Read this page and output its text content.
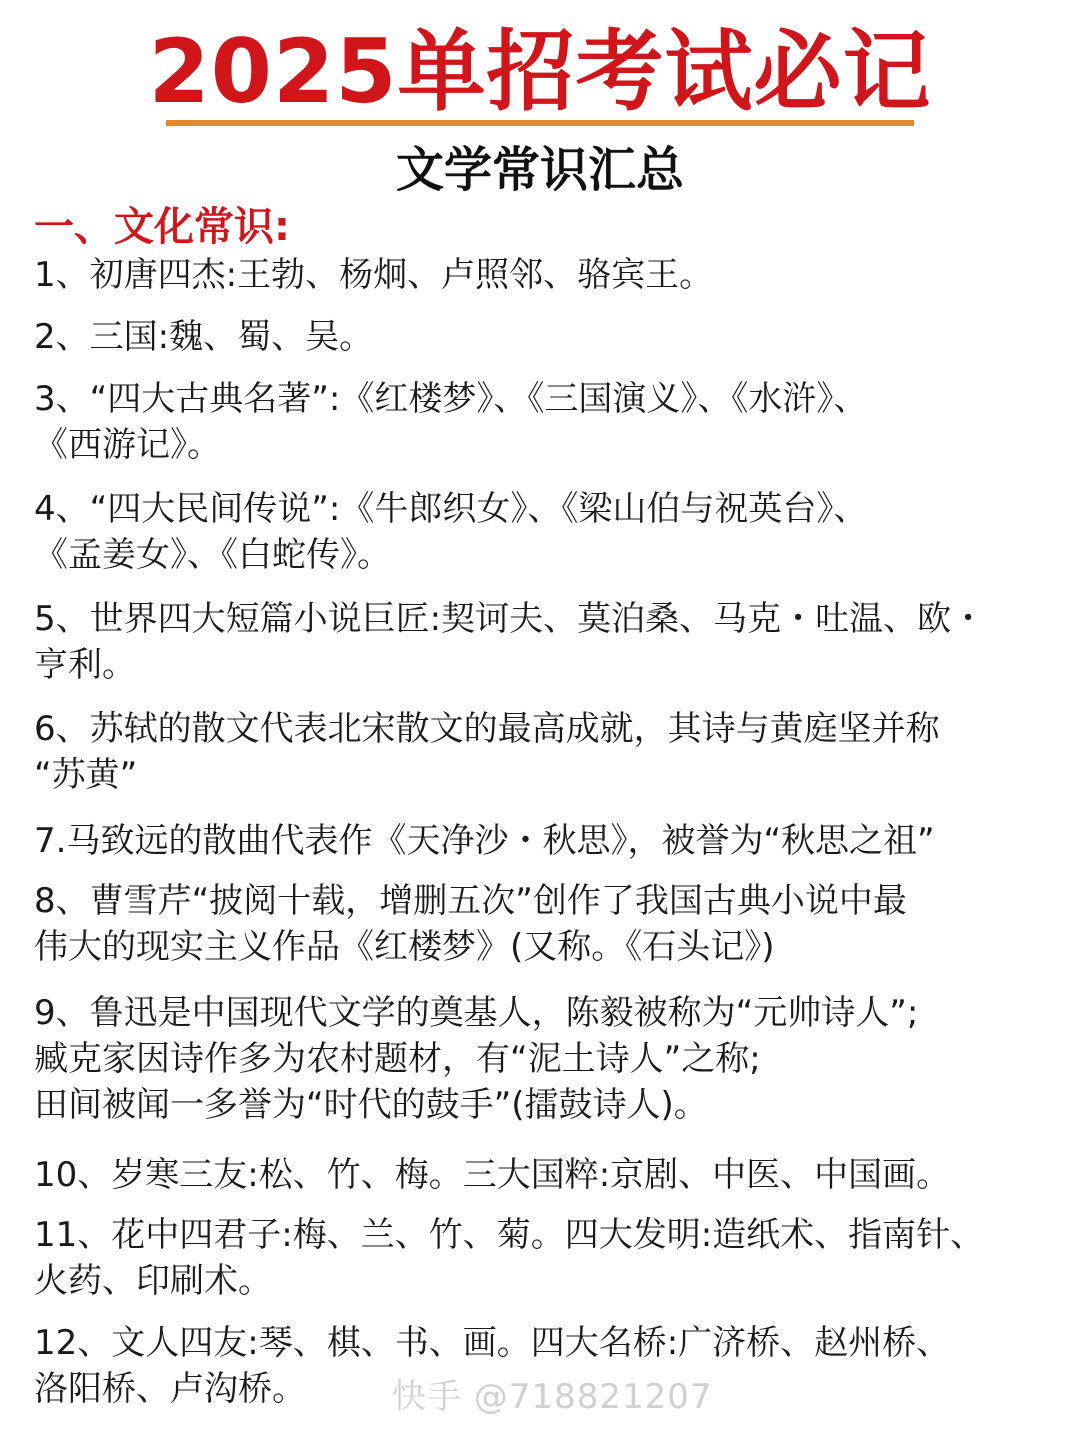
2025单招考试必记
文学常识汇总
一、文化常识:
1、初唐四杰:王勃、杨炯、卢照邻、骆宾王。
2、三国:魏、蜀、吴。
3、“四大古典名著”:《红楼梦》、《三国演义》、《水浒》、
《西游记》。
4、“四大民间传说”:《牛郎织女》、《梁山伯与祝英台》、
《孟姜女》、《白蛇传》。
5、世界四大短篇小说巨匠:契诃夫、莫泊桑、马克・吐温、欧・
亨利。
6、苏轼的散文代表北宋散文的最高成就，其诗与黄庭坚并称
“苏黄”
7.马致远的散曲代表作《天净沙・秋思》，被誉为“秋思之祖”
8、曹雪芹“披阅十载，增删五次”创作了我国古典小说中最
伟大的现实主义作品《红楼梦》(又称。《石头记》)
9、鲁迅是中国现代文学的奠基人，陈毅被称为“元帅诗人”;
臧克家因诗作多为农村题材，有“泥土诗人”之称;
田间被闻一多誉为“时代的鼓手”(擂鼓诗人)。
10、岁寒三友:松、竹、梅。三大国粹:京剧、中医、中国画。
11、花中四君子:梅、兰、竹、菊。四大发明:造纸术、指南针、
火药、印刷术。
12、文人四友:琴、棋、书、画。四大名桥:广济桥、赵州桥、
洛阳桥、卢沟桥。	快手 @718821207
